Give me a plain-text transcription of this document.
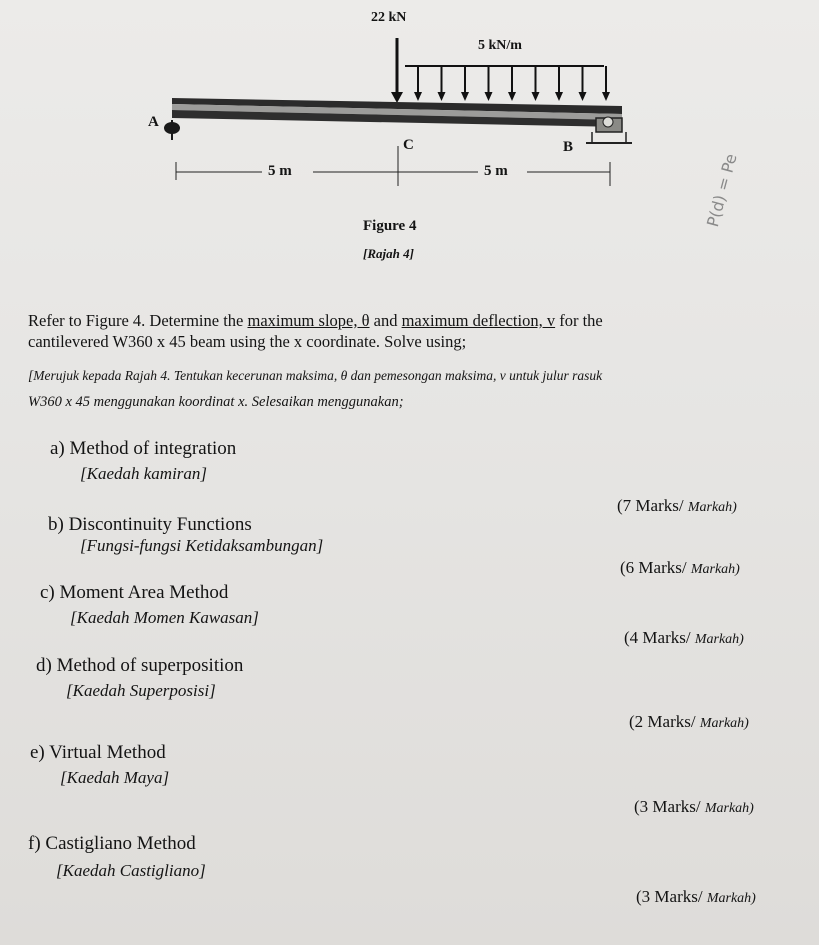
22 kN
5 kN/m
A
C	B
5 m	5 m
Figure 4
[Rajah 4]
P(d) = Pe
Refer to Figure 4. Determine the maximum slope, θ and maximum deflection, v for the
cantilevered W360 x 45 beam using the x coordinate. Solve using;
[Merujuk kepada Rajah 4. Tentukan kecerunan maksima, θ dan pemesongan maksima, v untuk julur rasuk
W360 x 45 menggunakan koordinat x. Selesaikan menggunakan;
a) Method of integration
[Kaedah kamiran]
(7 Marks/ Markah)
b) Discontinuity Functions
[Fungsi-fungsi Ketidaksambungan]
(6 Marks/ Markah)
c) Moment Area Method
[Kaedah Momen Kawasan]
(4 Marks/ Markah)
d) Method of superposition
[Kaedah Superposisi]
(2 Marks/ Markah)
e) Virtual Method
[Kaedah Maya]
(3 Marks/ Markah)
f) Castigliano Method
[Kaedah Castigliano]
(3 Marks/ Markah)
